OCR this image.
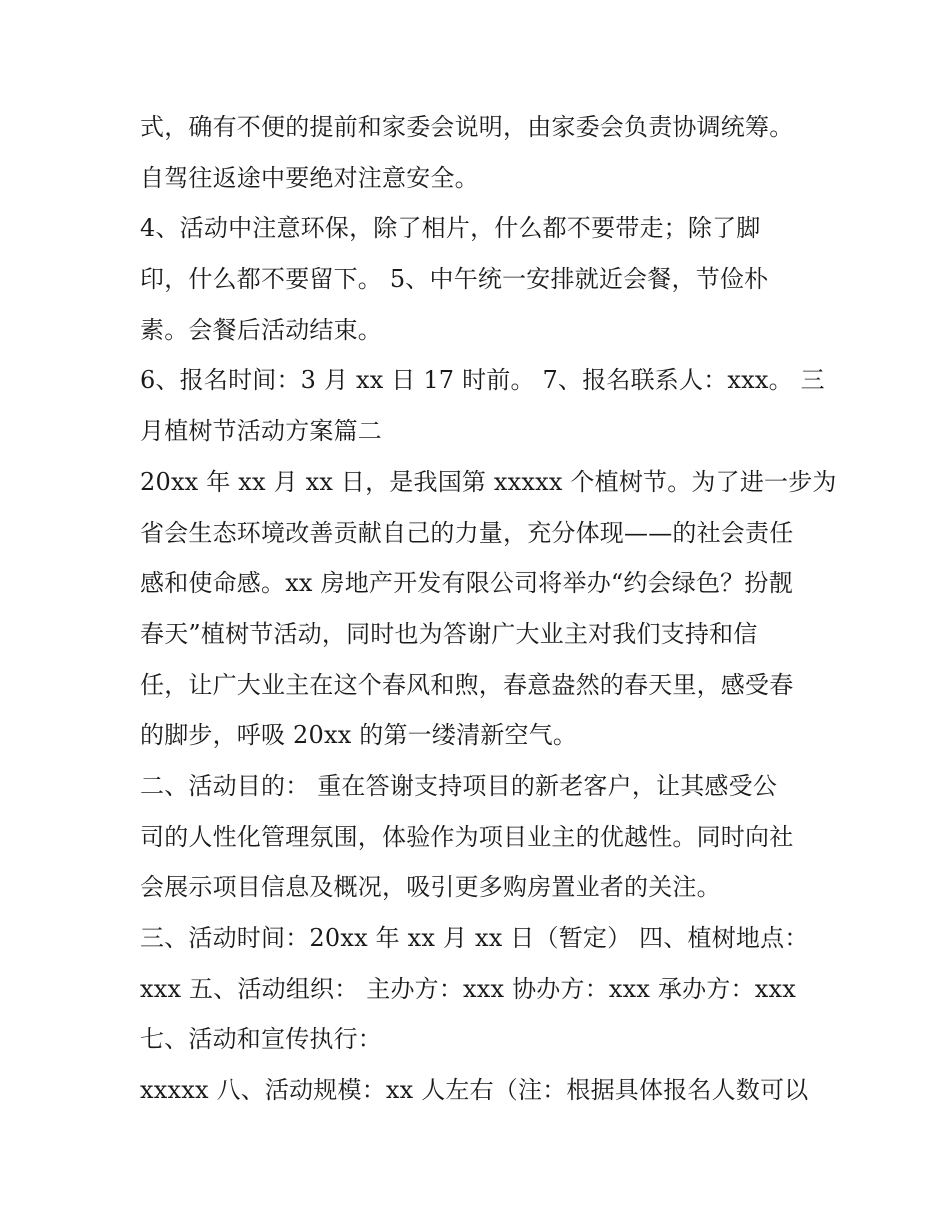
式，确有不便的提前和家委会说明，由家委会负责协调统筹。
自驾往返途中要绝对注意安全。
4、活动中注意环保，除了相片，什么都不要带走；除了脚
印，什么都不要留下。 5、中午统一安排就近会餐，节俭朴
素。会餐后活动结束。
6、报名时间：3 月 xx 日 17 时前。 7、报名联系人：xxx。 三
月植树节活动方案篇二
20xx 年 xx 月 xx 日，是我国第 xxxxx 个植树节。为了进一步为
省会生态环境改善贡献自己的力量，充分体现——的社会责任
感和使命感。xx 房地产开发有限公司将举办“约会绿色？扮靓
春天”植树节活动，同时也为答谢广大业主对我们支持和信
任，让广大业主在这个春风和煦，春意盎然的春天里，感受春
的脚步，呼吸 20xx 的第一缕清新空气。
二、活动目的： 重在答谢支持项目的新老客户，让其感受公
司的人性化管理氛围，体验作为项目业主的优越性。同时向社
会展示项目信息及概况，吸引更多购房置业者的关注。
三、活动时间：20xx 年 xx 月 xx 日（暂定） 四、植树地点：
xxx 五、活动组织： 主办方：xxx 协办方：xxx 承办方：xxx
七、活动和宣传执行：
xxxxx 八、活动规模：xx 人左右（注：根据具体报名人数可以
